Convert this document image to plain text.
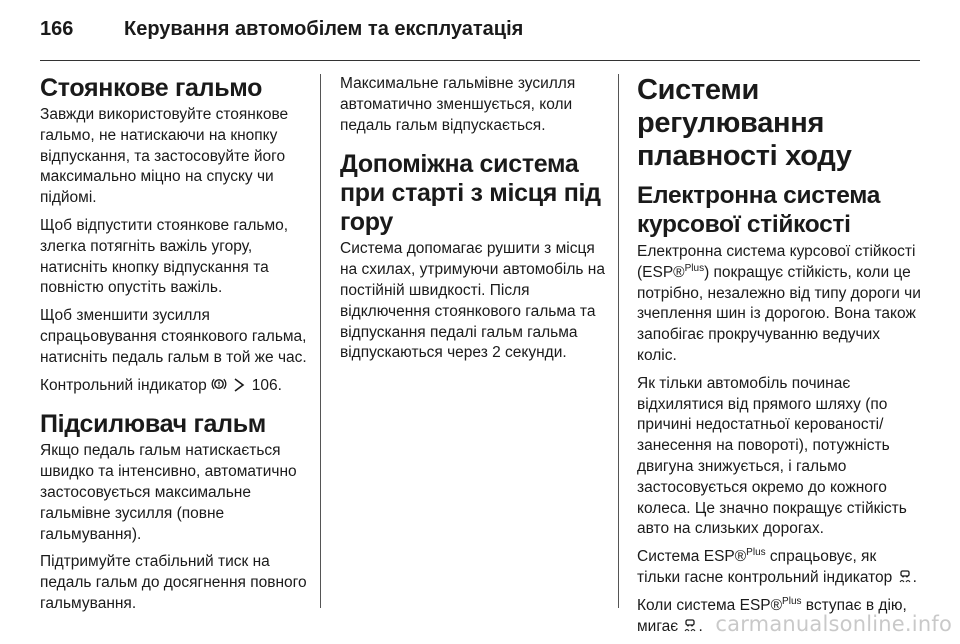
166	Керування автомобілем та експлуатація
Стоянкове гальмо

Завжди використовуйте стоянкове гальмо, не натискаючи на кнопку відпускання, та застосовуйте його максимально міцно на спуску чи підйомі.

Щоб відпустити стоянкове гальмо, злегка потягніть важіль угору, натисніть кнопку відпускання та повністю опустіть важіль.

Щоб зменшити зусилля спрацьовування стоянкового гальма, натисніть педаль гальм в той же час.

Контрольний індикатор	106.

Підсилювач гальм

Якщо педаль гальм натискається швидко та інтенсивно, автоматично застосовується максимальне гальмівне зусилля (повне гальмування).

Підтримуйте стабільний тиск на педаль гальм до досягнення повного гальмування.

Максимальне гальмівне зусилля автоматично зменшується, коли педаль гальм відпускається.

Допоміжна система при старті з місця під гору

Система допомагає рушити з місця на схилах, утримуючи автомобіль на постійній швидкості. Після відключення стоянкового гальма та відпускання педалі гальм гальма відпускаються через 2 секунди.

Системи регулювання плавності ходу
Електронна система курсової стійкості

Електронна система курсової стійкості (ESP®$^{Plus}$) покращує стійкість, коли це потрібно, незалежно від типу дороги чи зчеплення шин із дорогою. Вона також запобігає прокручуванню ведучих коліс.

Як тільки автомобіль починає відхилятися від прямого шляху (по причині недостатньої керованості/занесення на повороті), потужність двигуна знижується, і гальмо застосовується окремо до кожного колеса. Це значно покращує стійкість авто на слизьких дорогах.

Система ESP®$^{Plus}$ спрацьовує, як тільки гасне контрольний індикатор .

Коли система ESP®$^{Plus}$ вступає в дію, мигає . carmanualsonline.info
